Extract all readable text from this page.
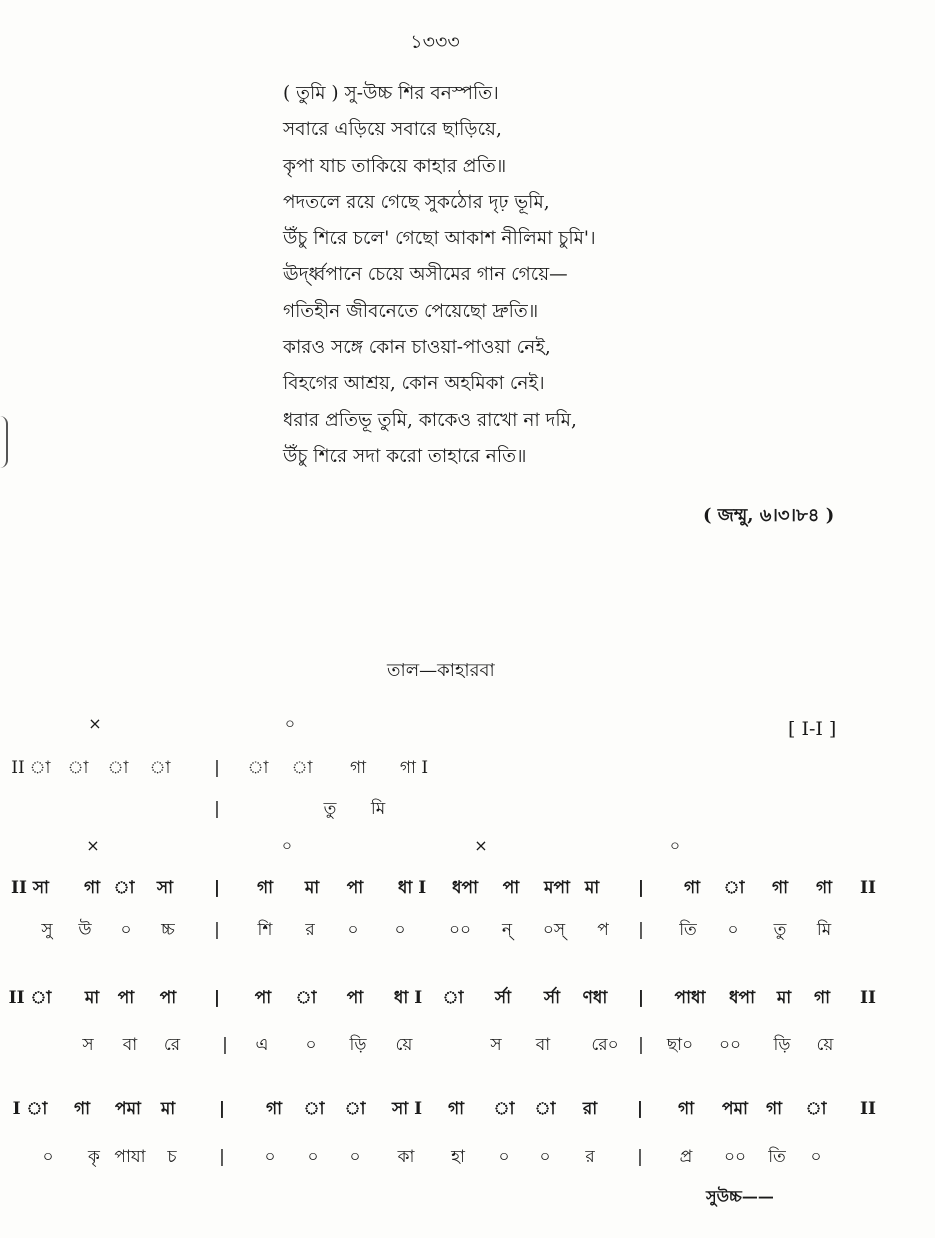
১৩৩৩
( তুমি ) সু-উচ্চ শির বনস্পতি।
সবারে এড়িয়ে সবারে ছাড়িয়ে,
কৃপা যাচ তাকিয়ে কাহার প্রতি॥
পদতলে রয়ে গেছে সুকঠোর দৃঢ় ভূমি,
উঁচু শিরে চলে' গেছো আকাশ নীলিমা চুমি'।
ঊর্দ্ধ্বপানে চেয়ে অসীমের গান গেয়ে—
গতিহীন জীবনেতে পেয়েছো দ্রুতি॥
কারও সঙ্গে কোন চাওয়া-পাওয়া নেই,
বিহগের আশ্রয়, কোন অহমিকা নেই।
ধরার প্রতিভূ তুমি, কাকেও রাখো না দমি,
উঁচু শিরে সদা করো তাহারে নতি॥
( জম্মু, ৬।৩।৮৪ )
তাল—কাহারবা
[ I-I ]
×	০
II া া া া	| া া গা গা I
|	তু মি
×	০	×	০
II সা গা া সা | গা মা পা ধা I ধপা পা মপা মা | গা া গা গা II
সু উ ০ চ্চ | শি র ০ ০	০০ ন্ ০স্ প | তি ০ তু মি
II া মা পা পা | পা া পা ধা I া র্সা র্সা ণধা | পাধা ধপা মা গা II
স বা রে | এ ০ ড়ি য়ে	স বা রে০ | ছা০ ০০ ড়ি য়ে
I া গা পমা মা	| গা া া সা I গা া া রা | গা পমা গা া II
০ কৃ পাযা চ	| ০ ০ ০ কা হা ০ ০ র | প্র ০০ তি ০
সুউচ্চ——
